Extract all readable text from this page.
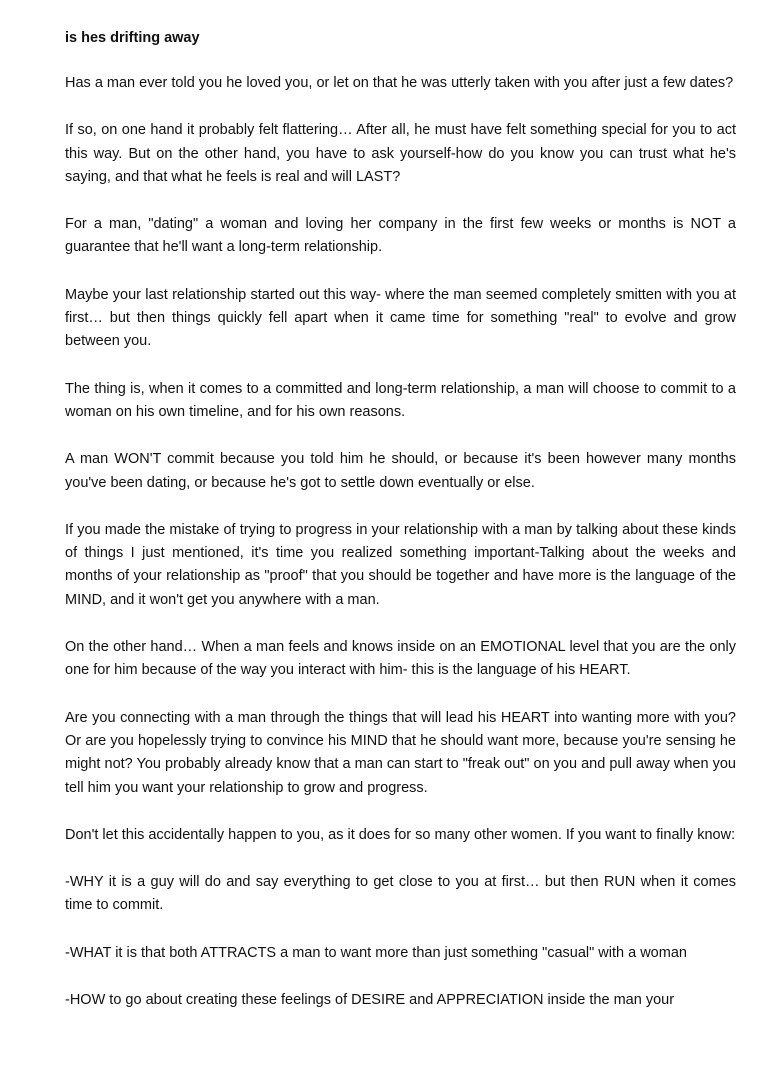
is hes drifting away

Has a man ever told you he loved you, or let on that he was utterly taken with you after just a few dates?

If so, on one hand it probably felt flattering… After all, he must have felt something special for you to act this way. But on the other hand, you have to ask yourself-how do you know you can trust what he's saying, and that what he feels is real and will LAST?

For a man, "dating" a woman and loving her company in the first few weeks or months is NOT a guarantee that he'll want a long-term relationship.

Maybe your last relationship started out this way- where the man seemed completely smitten with you at first… but then things quickly fell apart when it came time for something "real" to evolve and grow between you.

The thing is, when it comes to a committed and long-term relationship, a man will choose to commit to a woman on his own timeline, and for his own reasons.

A man WON'T commit because you told him he should, or because it's been however many months you've been dating, or because he's got to settle down eventually or else.

If you made the mistake of trying to progress in your relationship with a man by talking about these kinds of things I just mentioned, it's time you realized something important-Talking about the weeks and months of your relationship as "proof" that you should be together and have more is the language of the MIND, and it won't get you anywhere with a man.

On the other hand… When a man feels and knows inside on an EMOTIONAL level that you are the only one for him because of the way you interact with him- this is the language of his HEART.

Are you connecting with a man through the things that will lead his HEART into wanting more with you? Or are you hopelessly trying to convince his MIND that he should want more, because you're sensing he might not? You probably already know that a man can start to "freak out" on you and pull away when you tell him you want your relationship to grow and progress.

Don't let this accidentally happen to you, as it does for so many other women. If you want to finally know:

-WHY it is a guy will do and say everything to get close to you at first… but then RUN when it comes time to commit.

-WHAT it is that both ATTRACTS a man to want more than just something "casual" with a woman

-HOW to go about creating these feelings of DESIRE and APPRECIATION inside the man your
